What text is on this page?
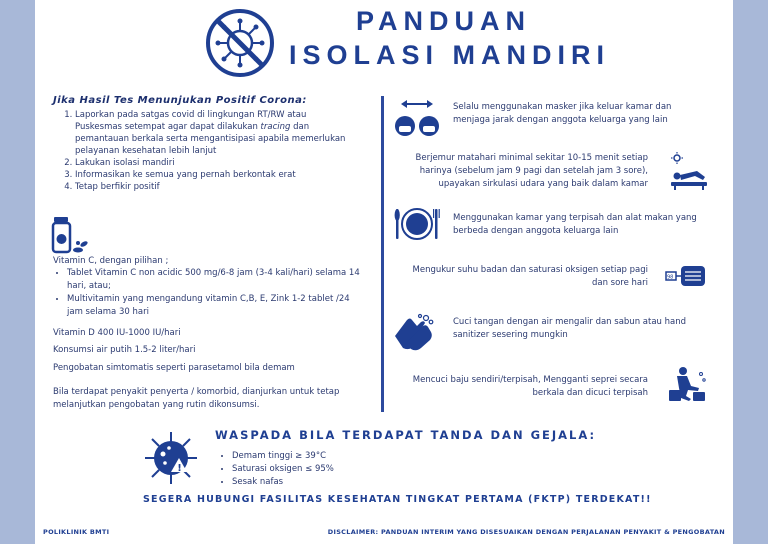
PANDUAN
ISOLASI MANDIRI
Jika Hasil Tes Menunjukan Positif Corona:
1. Laporkan pada satgas covid di lingkungan RT/RW atau Puskesmas setempat agar dapat dilakukan tracing dan pemantauan berkala serta mengantisipasi apabila memerlukan pelayanan kesehatan lebih lanjut
2. Lakukan isolasi mandiri
3. Informasikan ke semua yang pernah berkontak erat
4. Tetap berfikir positif
Vitamin C, dengan pilihan ;
• Tablet Vitamin C non acidic 500 mg/6-8 jam (3-4 kali/hari) selama 14 hari, atau;
• Multivitamin yang mengandung vitamin C,B, E, Zink 1-2 tablet /24 jam selama 30 hari
Vitamin D 400 IU-1000 IU/hari
Konsumsi air putih 1.5-2 liter/hari
Pengobatan simtomatis seperti parasetamol bila demam
Bila terdapat penyakit penyerta / komorbid, dianjurkan untuk tetap melanjutkan pengobatan yang rutin dikonsumsi.
Selalu menggunakan masker jika keluar kamar dan menjaga jarak dengan anggota keluarga yang lain
Berjemur matahari minimal sekitar 10-15 menit setiap harinya (sebelum jam 9 pagi dan setelah jam 3 sore), upayakan sirkulasi udara yang baik dalam kamar
Menggunakan kamar yang terpisah dan alat makan yang berbeda dengan anggota keluarga lain
Mengukur suhu badan dan saturasi oksigen setiap pagi dan sore hari
98
Cuci tangan dengan air mengalir dan sabun atau hand sanitizer sesering mungkin
Mencuci baju sendiri/terpisah, Mengganti seprei secara berkala dan dicuci terpisah
!
WASPADA BILA TERDAPAT TANDA DAN GEJALA:
• Demam tinggi ≥ 39°C
• Saturasi oksigen ≤ 95%
• Sesak nafas
SEGERA HUBUNGI FASILITAS KESEHATAN TINGKAT PERTAMA (FKTP) TERDEKAT!!
POLIKLINIK BMTI	DISCLAIMER: PANDUAN INTERIM YANG DISESUAIKAN DENGAN PERJALANAN PENYAKIT & PENGOBATAN
